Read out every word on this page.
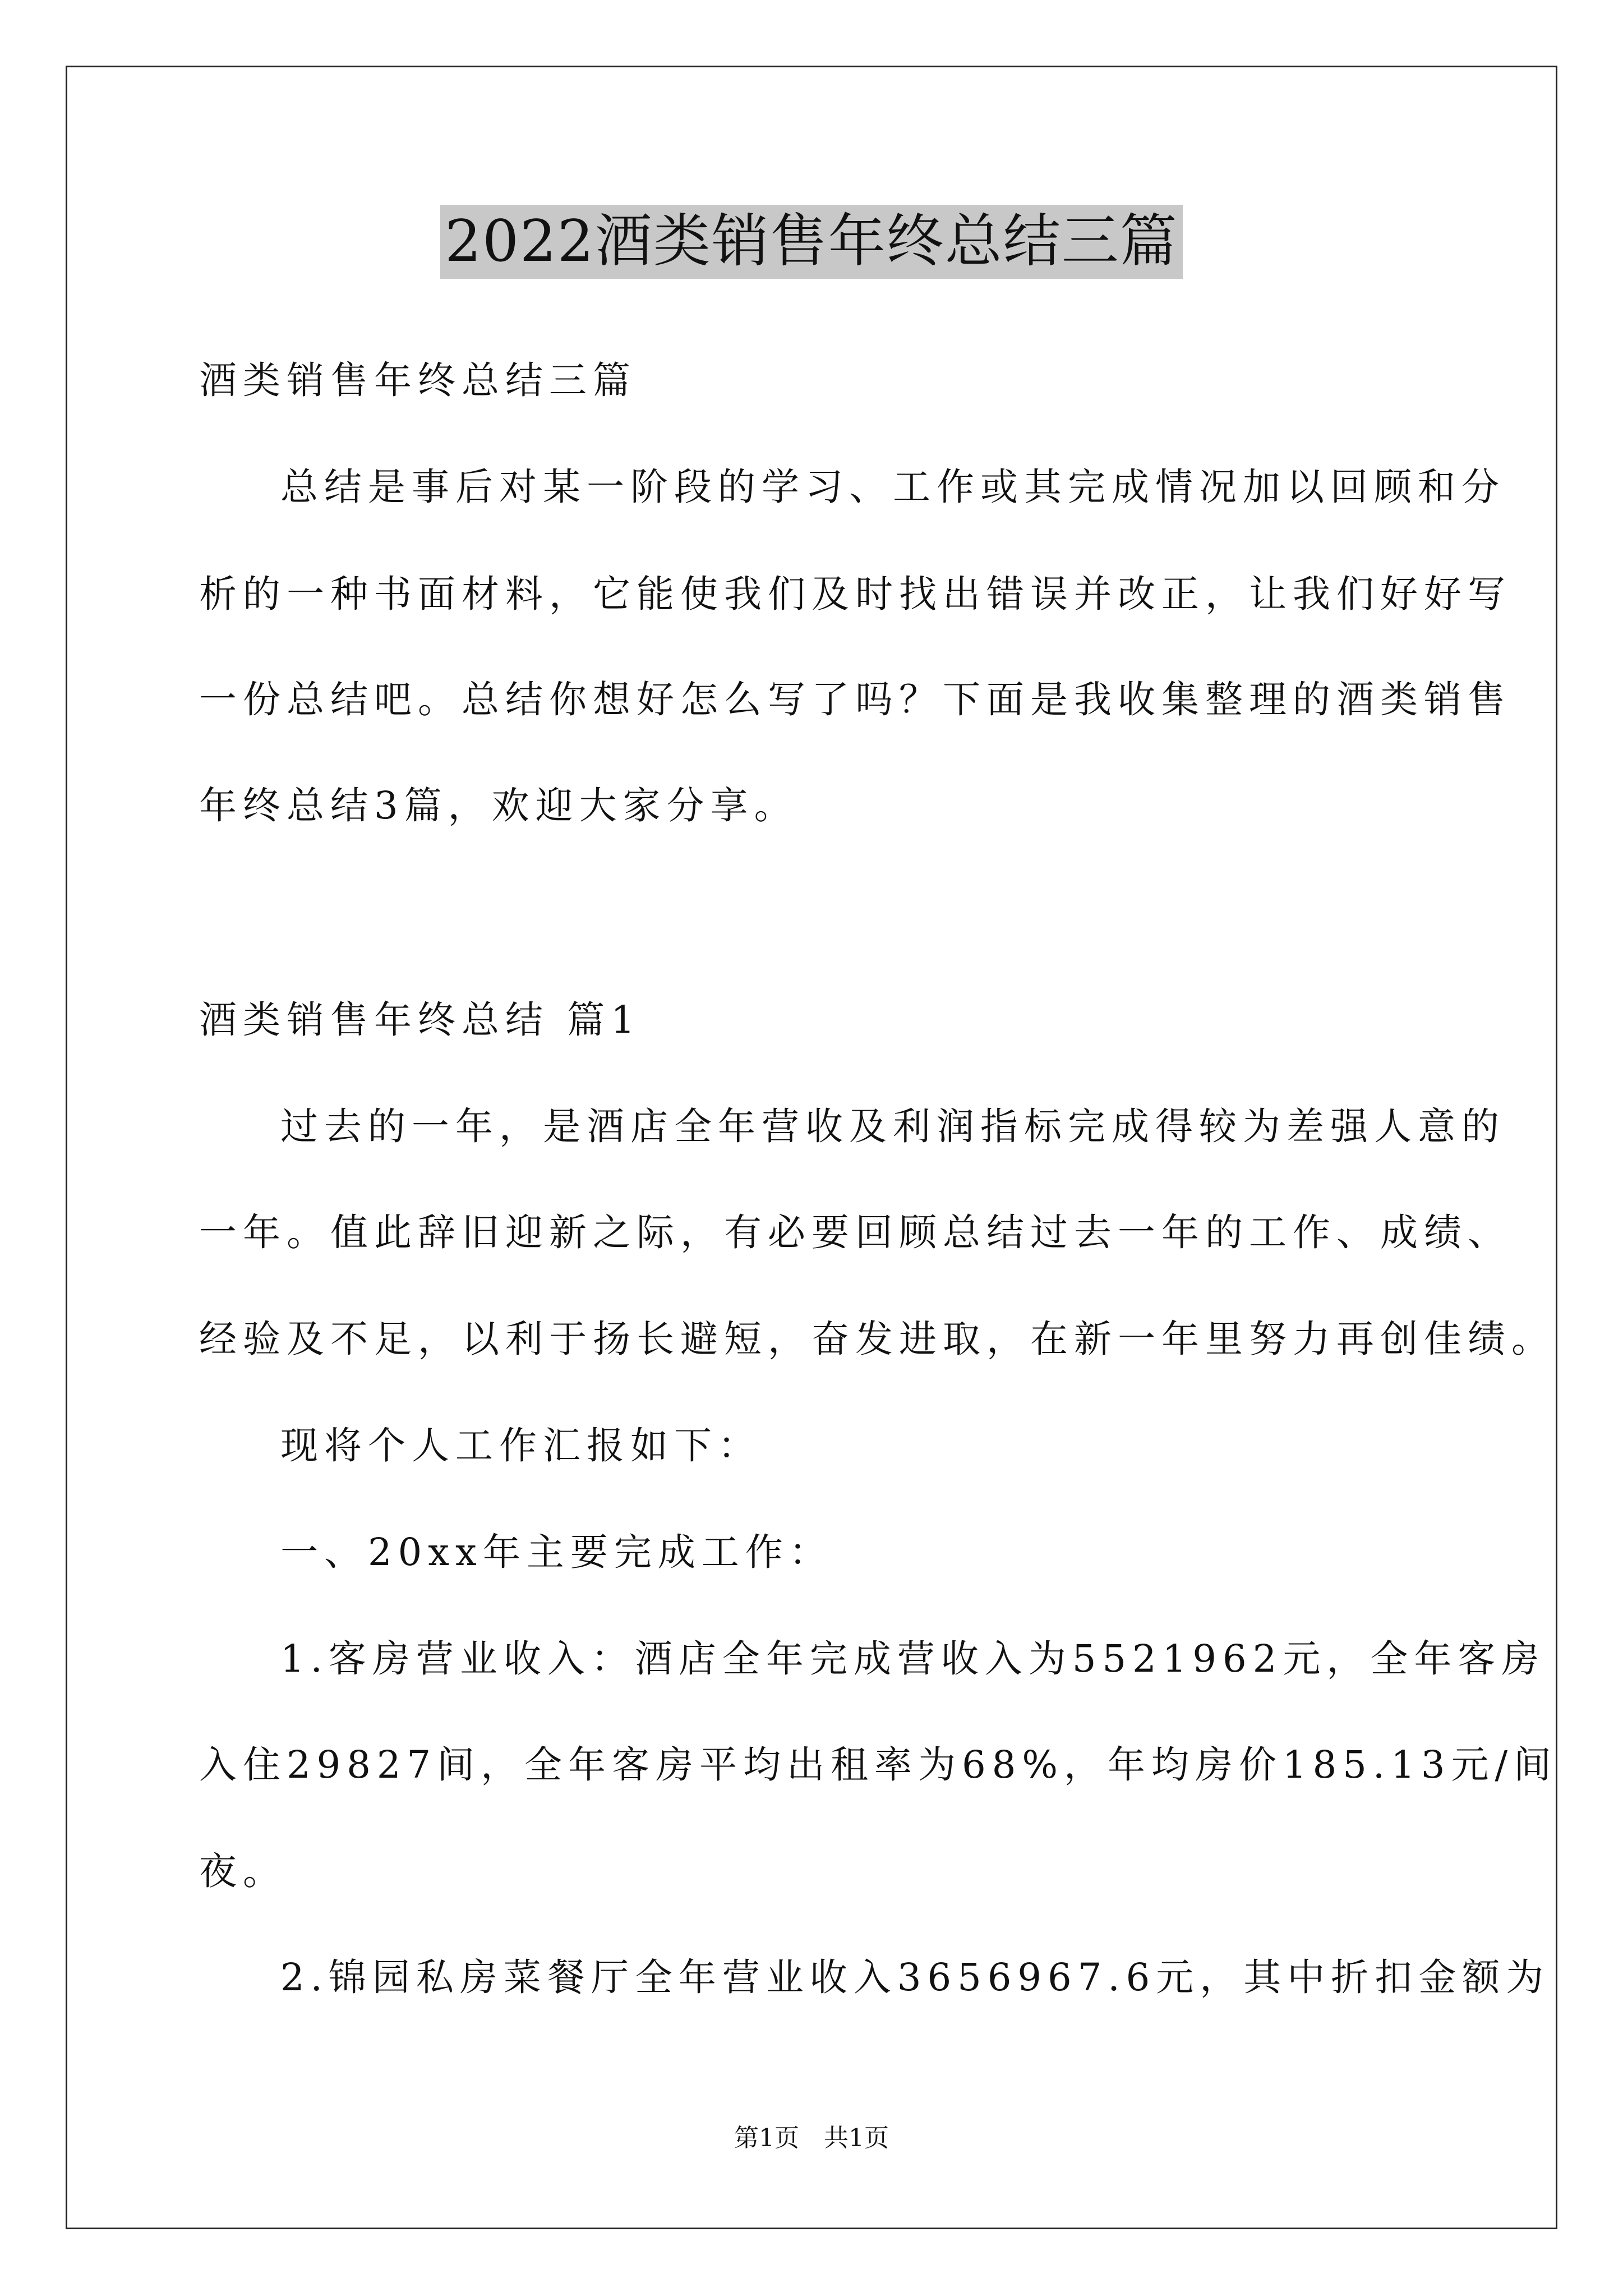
2022酒类销售年终总结三篇
酒类销售年终总结三篇
总结是事后对某一阶段的学习、工作或其完成情况加以回顾和分
析的一种书面材料，它能使我们及时找出错误并改正，让我们好好写
一份总结吧。总结你想好怎么写了吗？下面是我收集整理的酒类销售
年终总结3篇，欢迎大家分享。
酒类销售年终总结 篇1
过去的一年，是酒店全年营收及利润指标完成得较为差强人意的
一年。值此辞旧迎新之际，有必要回顾总结过去一年的工作、成绩、
经验及不足，以利于扬长避短，奋发进取，在新一年里努力再创佳绩。
现将个人工作汇报如下：
一、20xx年主要完成工作：
1.客房营业收入：酒店全年完成营收入为5521962元，全年客房
入住29827间，全年客房平均出租率为68%，年均房价185.13元/间
夜。
2.锦园私房菜餐厅全年营业收入3656967.6元，其中折扣金额为
第1页　共1页
